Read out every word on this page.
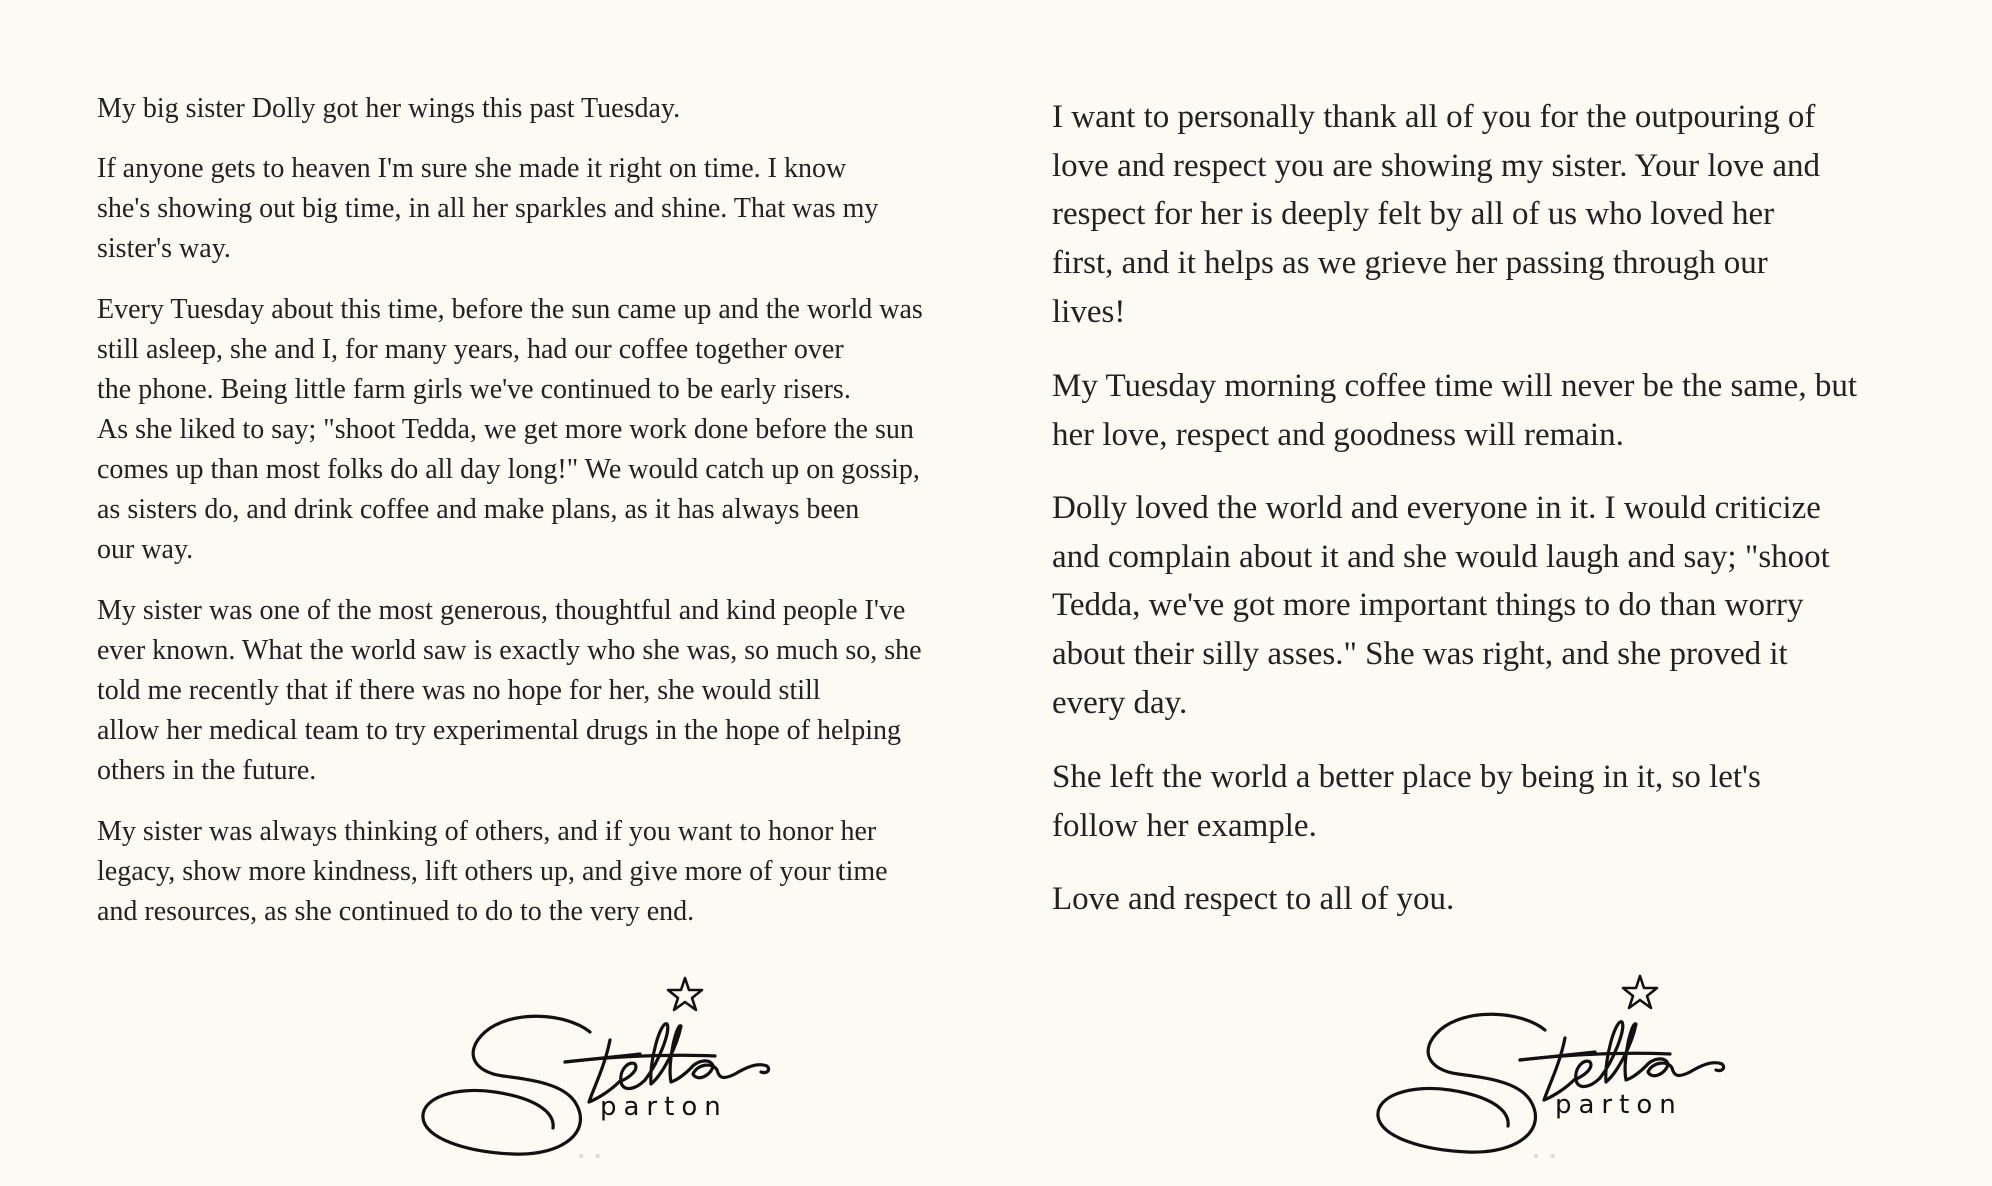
My big sister Dolly got her wings this past Tuesday.

If anyone gets to heaven I'm sure she made it right on time. I know
she's showing out big time, in all her sparkles and shine. That was my
sister's way.

Every Tuesday about this time, before the sun came up and the world was
still asleep, she and I, for many years, had our coffee together over
the phone. Being little farm girls we've continued to be early risers.
As she liked to say; "shoot Tedda, we get more work done before the sun
comes up than most folks do all day long!" We would catch up on gossip,
as sisters do, and drink coffee and make plans, as it has always been
our way.

My sister was one of the most generous, thoughtful and kind people I've
ever known. What the world saw is exactly who she was, so much so, she
told me recently that if there was no hope for her, she would still
allow her medical team to try experimental drugs in the hope of helping
others in the future.

My sister was always thinking of others, and if you want to honor her
legacy, show more kindness, lift others up, and give more of your time
and resources, as she continued to do to the very end.

parton

I want to personally thank all of you for the outpouring of
love and respect you are showing my sister. Your love and
respect for her is deeply felt by all of us who loved her
first, and it helps as we grieve her passing through our
lives!

My Tuesday morning coffee time will never be the same, but
her love, respect and goodness will remain.

Dolly loved the world and everyone in it. I would criticize
and complain about it and she would laugh and say; "shoot
Tedda, we've got more important things to do than worry
about their silly asses." She was right, and she proved it
every day.

She left the world a better place by being in it, so let's
follow her example.

Love and respect to all of you.

parton
● ●	● ●
